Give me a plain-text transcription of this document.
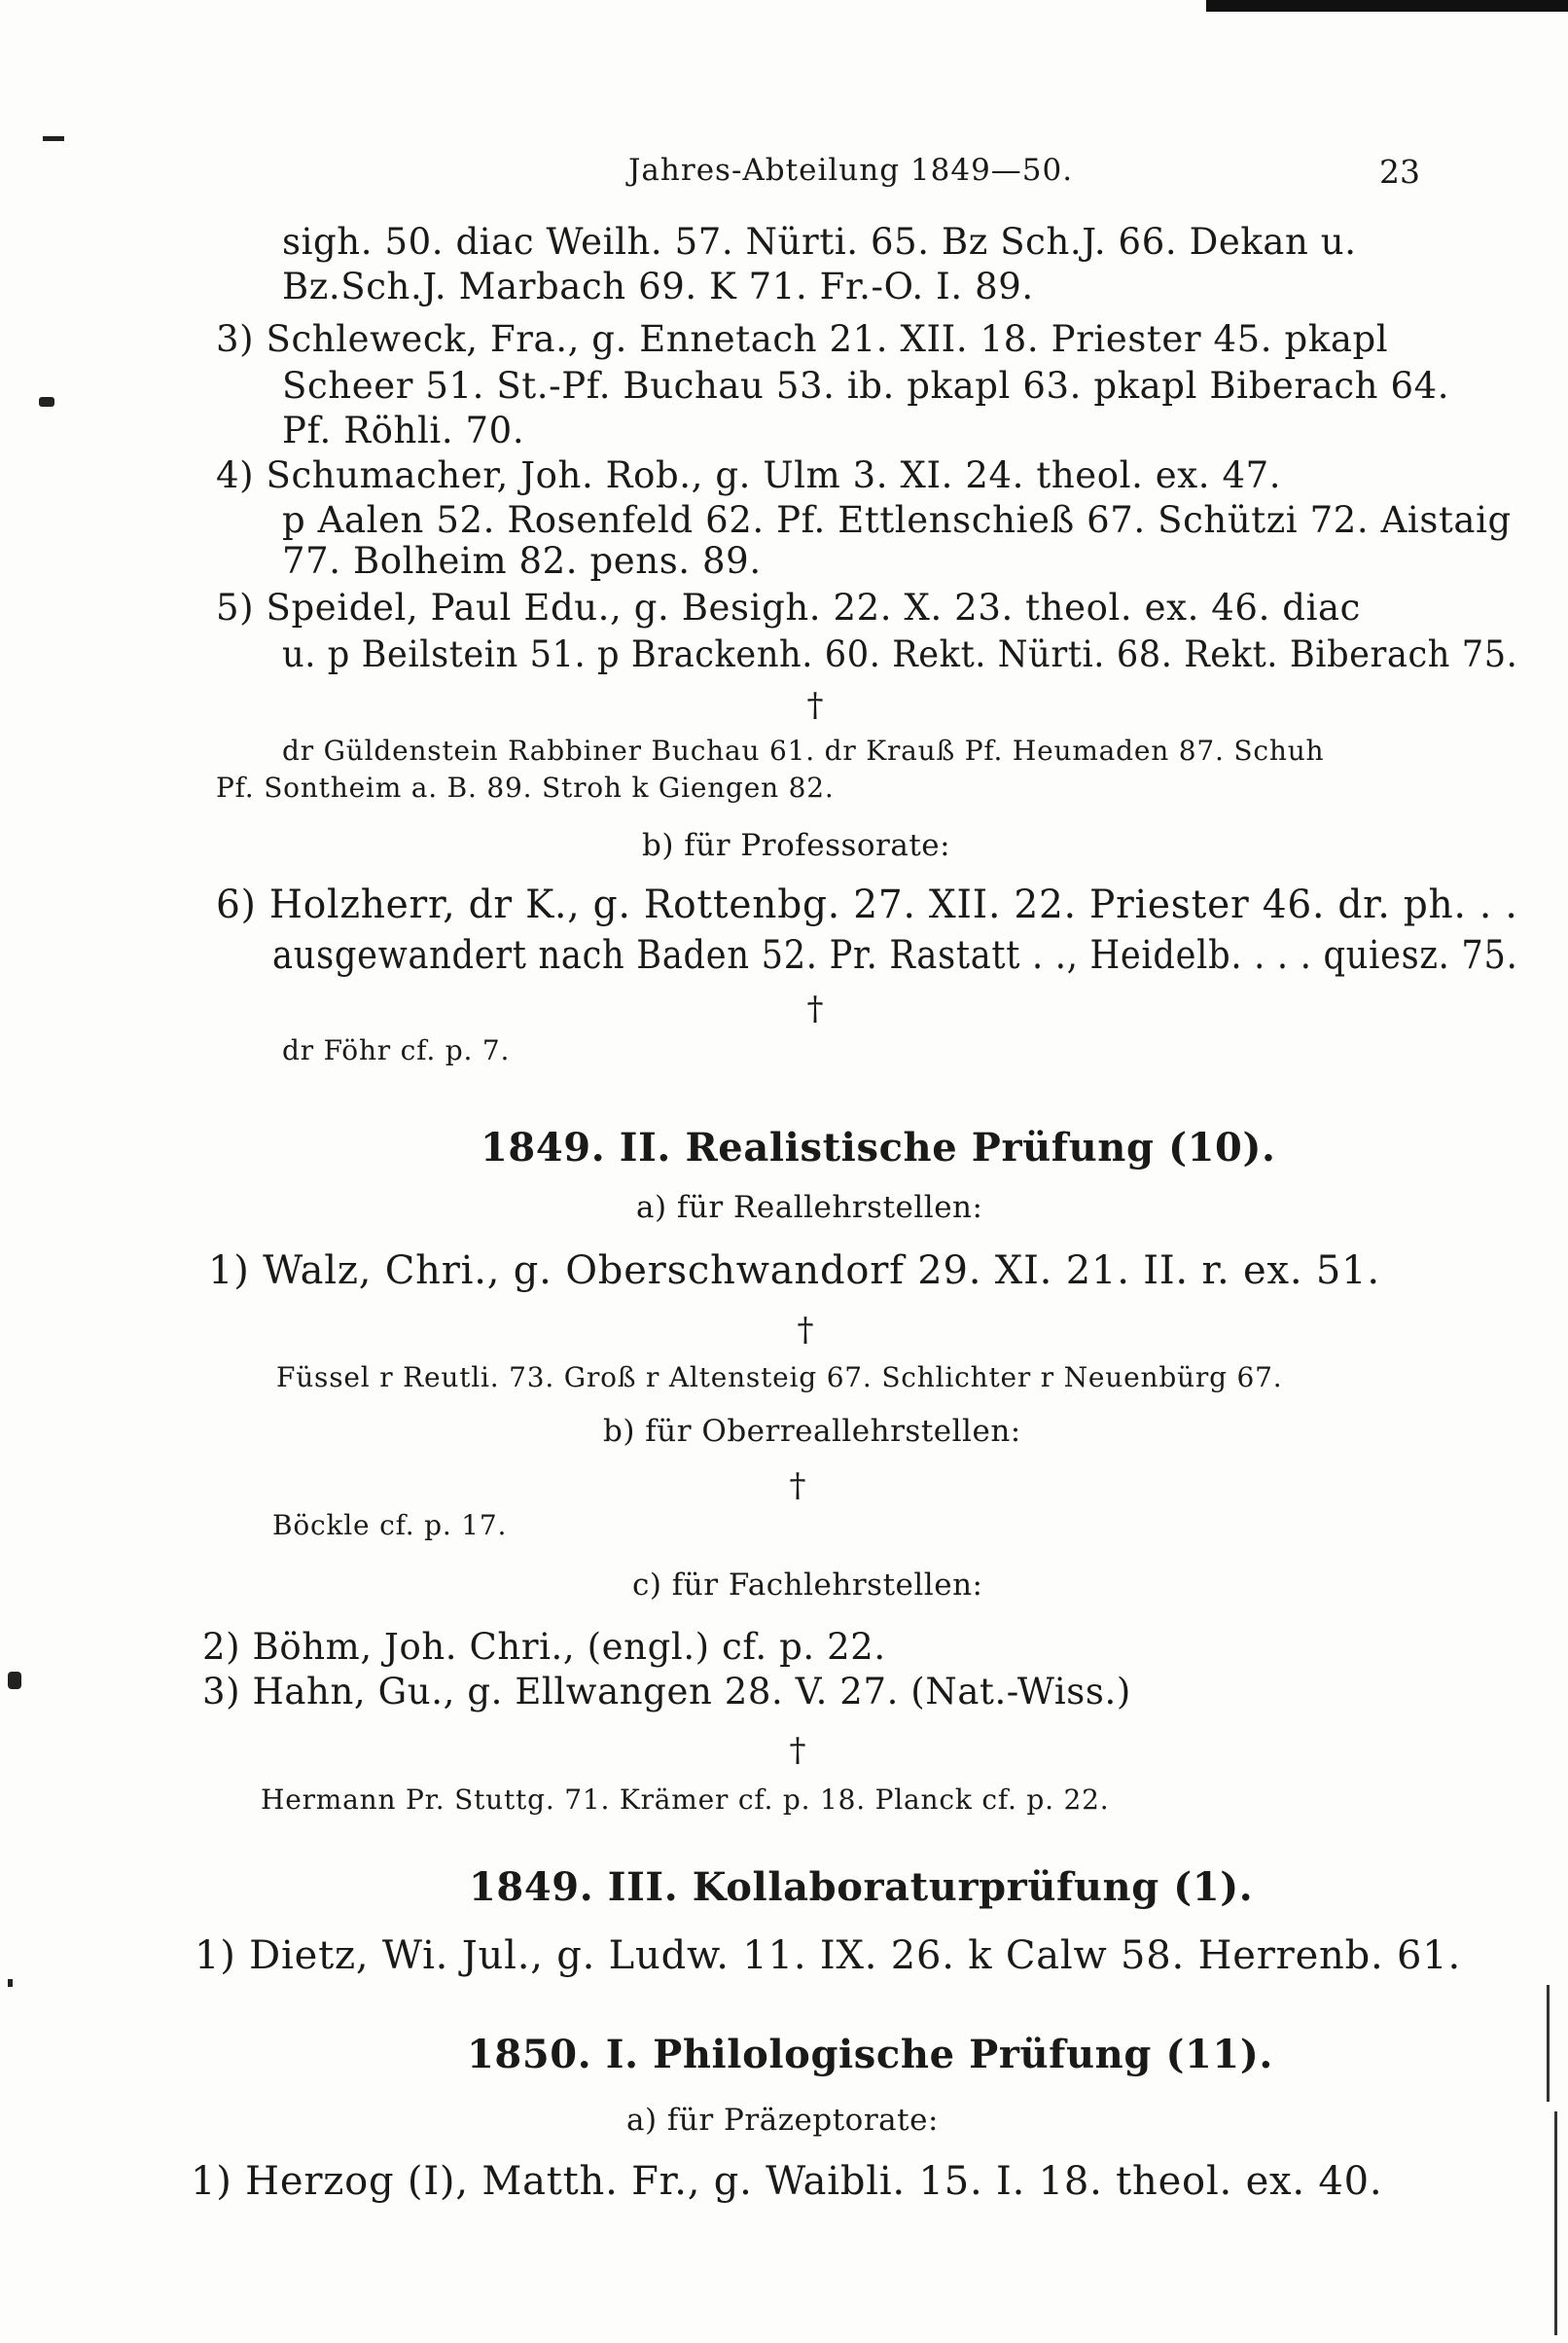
Jahres-Abteilung 1849—50.	23
sigh. 50. diac Weilh. 57. Nürti. 65. Bz Sch.J. 66. Dekan u.
Bz.Sch.J. Marbach 69. K 71. Fr.-O. I. 89.
3) Schleweck, Fra., g. Ennetach 21. XII. 18. Priester 45. pkapl
Scheer 51. St.-Pf. Buchau 53. ib. pkapl 63. pkapl Biberach 64.
Pf. Röhli. 70.
4) Schumacher, Joh. Rob., g. Ulm 3. XI. 24. theol. ex. 47.
p Aalen 52. Rosenfeld 62. Pf. Ettlenschieß 67. Schützi 72. Aistaig
77. Bolheim 82. pens. 89.
5) Speidel, Paul Edu., g. Besigh. 22. X. 23. theol. ex. 46. diac
u. p Beilstein 51. p Brackenh. 60. Rekt. Nürti. 68. Rekt. Biberach 75.
†
dr Güldenstein Rabbiner Buchau 61. dr Krauß Pf. Heumaden 87. Schuh
Pf. Sontheim a. B. 89. Stroh k Giengen 82.
b) für Professorate:
6) Holzherr, dr K., g. Rottenbg. 27. XII. 22. Priester 46. dr. ph. . .
ausgewandert nach Baden 52. Pr. Rastatt . ., Heidelb. . . . quiesz. 75.
†
dr Föhr cf. p. 7.
1849. II. Realistische Prüfung (10).
a) für Reallehrstellen:
1) Walz, Chri., g. Oberschwandorf 29. XI. 21. II. r. ex. 51.
†
Füssel r Reutli. 73. Groß r Altensteig 67. Schlichter r Neuenbürg 67.
b) für Oberreallehrstellen:
†
Böckle cf. p. 17.
c) für Fachlehrstellen:
2) Böhm, Joh. Chri., (engl.) cf. p. 22.
3) Hahn, Gu., g. Ellwangen 28. V. 27. (Nat.-Wiss.)
†
Hermann Pr. Stuttg. 71. Krämer cf. p. 18. Planck cf. p. 22.
1849. III. Kollaboraturprüfung (1).
1) Dietz, Wi. Jul., g. Ludw. 11. IX. 26. k Calw 58. Herrenb. 61.
1850. I. Philologische Prüfung (11).
a) für Präzeptorate:
1) Herzog (I), Matth. Fr., g. Waibli. 15. I. 18. theol. ex. 40.
